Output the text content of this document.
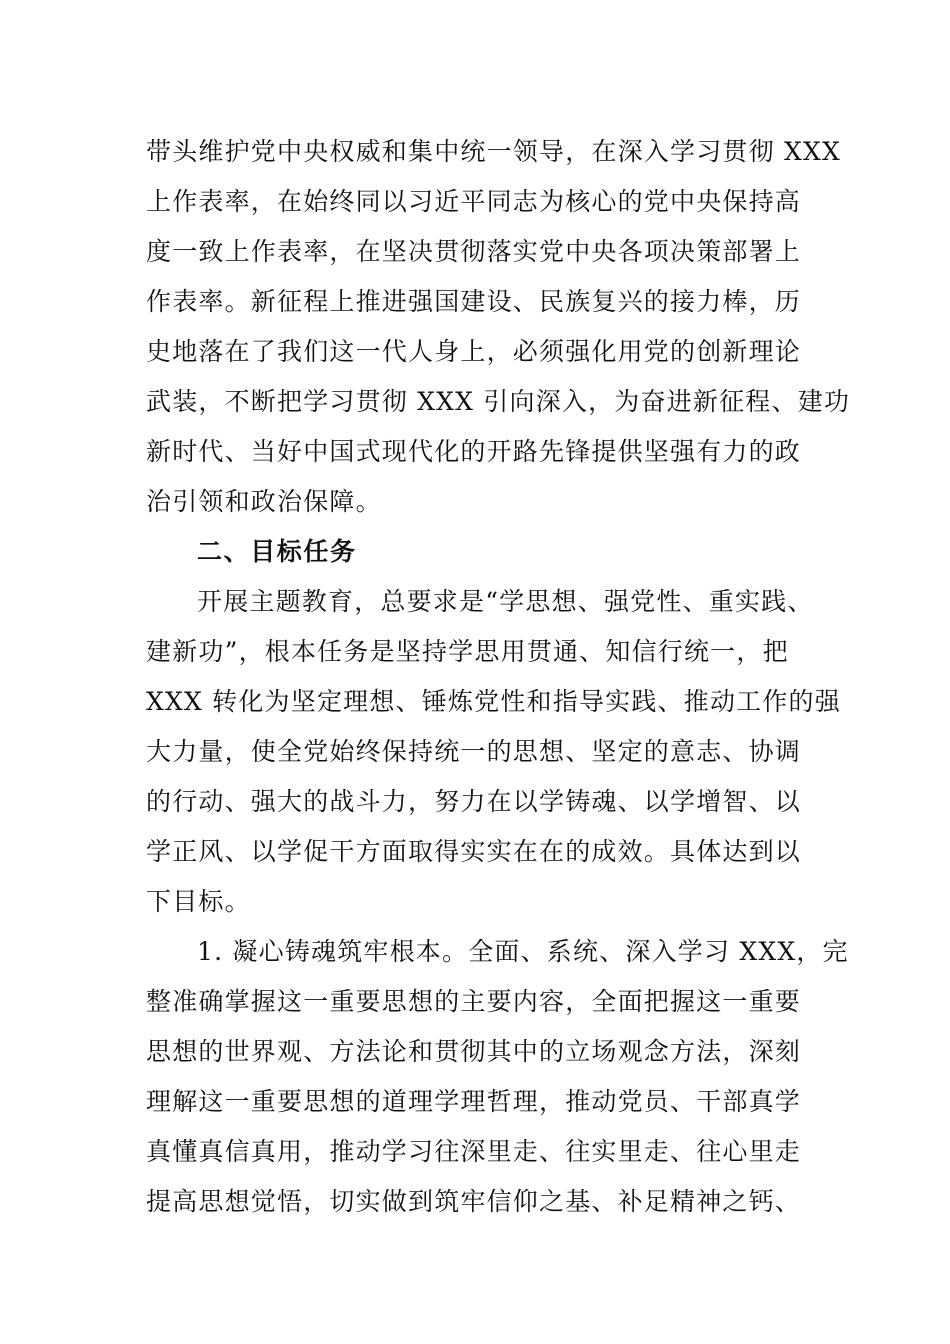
带头维护党中央权威和集中统一领导，在深入学习贯彻 XXX
上作表率，在始终同以习近平同志为核心的党中央保持高
度一致上作表率，在坚决贯彻落实党中央各项决策部署上
作表率。新征程上推进强国建设、民族复兴的接力棒，历
史地落在了我们这一代人身上，必须强化用党的创新理论
武装，不断把学习贯彻 XXX 引向深入，为奋进新征程、建功
新时代、当好中国式现代化的开路先锋提供坚强有力的政
治引领和政治保障。
二、目标任务
开展主题教育，总要求是“学思想、强党性、重实践、
建新功”，根本任务是坚持学思用贯通、知信行统一，把
XXX 转化为坚定理想、锤炼党性和指导实践、推动工作的强
大力量，使全党始终保持统一的思想、坚定的意志、协调
的行动、强大的战斗力，努力在以学铸魂、以学增智、以
学正风、以学促干方面取得实实在在的成效。具体达到以
下目标。
1. 凝心铸魂筑牢根本。全面、系统、深入学习 XXX，完
整准确掌握这一重要思想的主要内容，全面把握这一重要
思想的世界观、方法论和贯彻其中的立场观念方法，深刻
理解这一重要思想的道理学理哲理，推动党员、干部真学
真懂真信真用，推动学习往深里走、往实里走、往心里走
提高思想觉悟，切实做到筑牢信仰之基、补足精神之钙、
